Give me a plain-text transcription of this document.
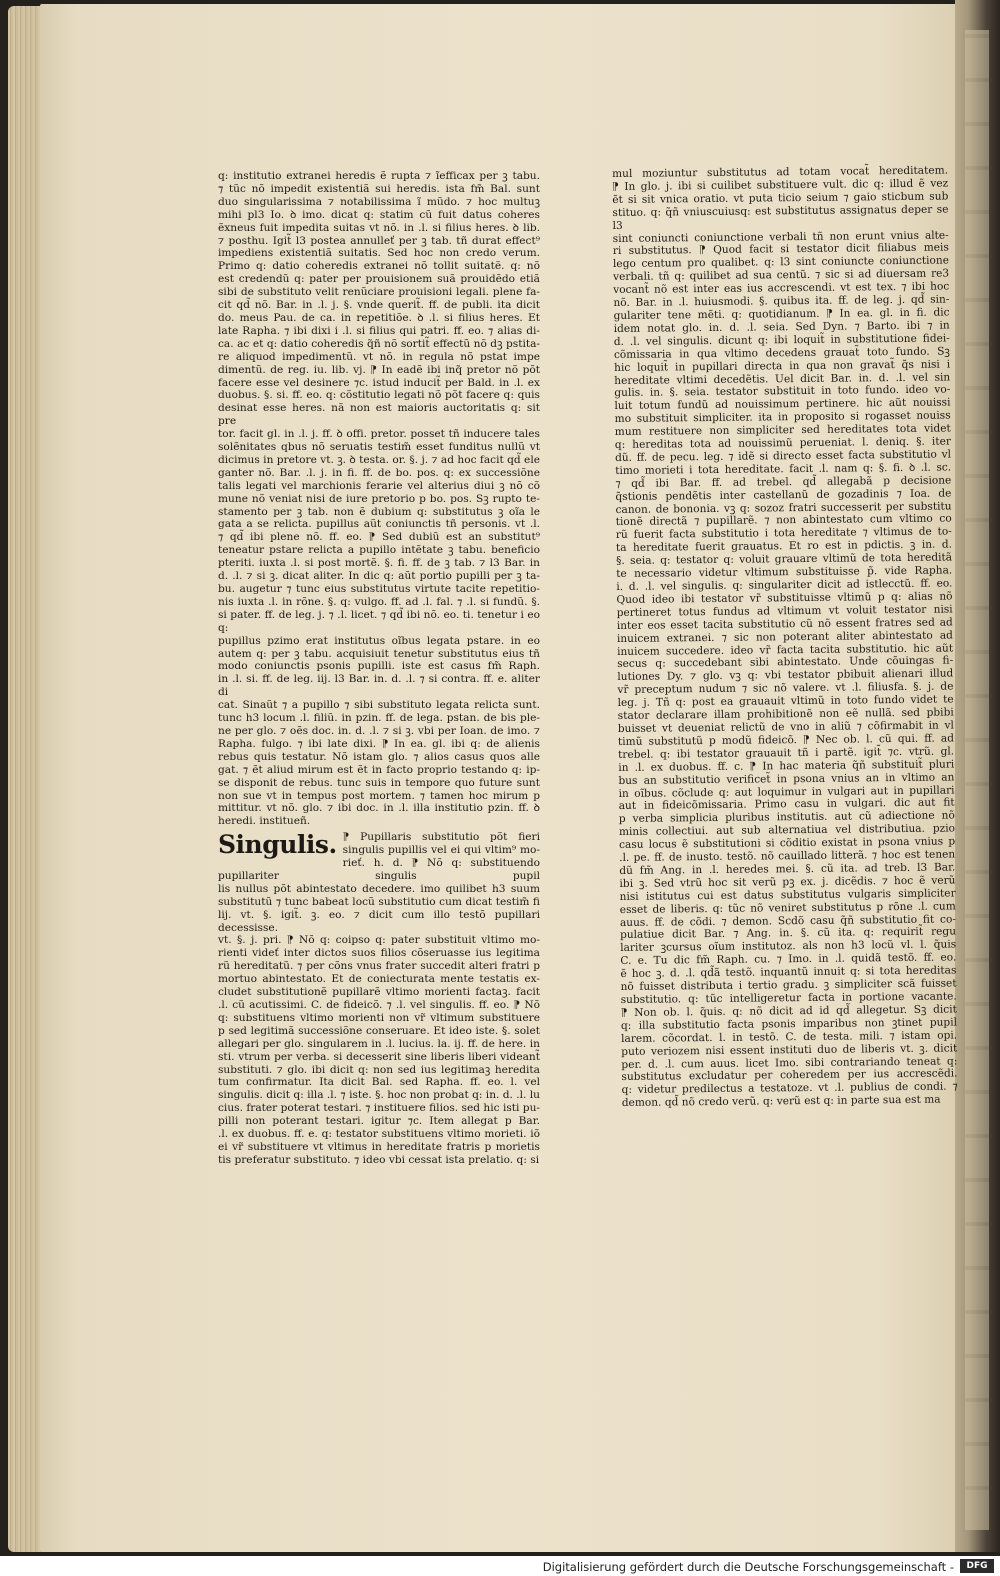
q: institutio extranei heredis ẽ rupta ⁊ ĩefficax per ꝫ tabu.

⁊ tũc nõ impedit existentiã sui heredis. ista fm̃ Bal. sunt

duo singularissima ⁊ notabilissima ĩ mũdo. ⁊ hoc multuꝫ

mihi pl3 Io. ꝺ imo. dicat q: statim cũ fuit datus coheres

ẽxneus fuit impedita suitas vt nõ. in .l. si filius heres. ꝺ lib.

⁊ posthu. Igit̃ l3 postea annulleť per ꝫ tab. tñ durat effect⁹

impediens existentiã suitatis. Sed hoc non credo verum.

Primo q: datio coheredis extranei nõ tollit suitatẽ. q: nõ

est credendũ q: pater per prouisionem suã prouidẽdo etiã

sibi de substituto velit renũciare prouisioni legali. plene fa-

cit qd̃ nõ. Bar. in .l. j. §. vnde querit̃. ff. de publi. ita dicit

do. meus Pau. de ca. in repetitiõe. ꝺ .l. si filius heres. Et

late Rapha. ⁊ ibi dixi i .l. si filius qui patri. ff. eo. ⁊ alias di-

ca. ac et q: datio coheredis q̃ñ nõ sortit̃ effectũ nõ dꝫ pstita-

re aliquod impedimentũ. vt nõ. in regula nõ pstat impe

dimentũ. de reg. iu. lib. vj. ⁋ In eadẽ ibi inq̃ pretor nõ põt

facere esse vel desinere ⁊c. istud inducit̃ per Bald. in .l. ex

duobus. §. si. ff. eo. q: cõstitutio legati nõ põt facere q: quis

desinat esse heres. nã non est maioris auctoritatis q: sit pre

tor. facit gl. in .l. j. ff. ꝺ offi. pretor. posset tñ inducere tales

solẽnitates qbus nõ seruatis testim̃ esset funditus nullũ vt

dicimus in pretore vt. ꝫ. ꝺ testa. or. §. j. ⁊ ad hoc facit qd̃ ele

ganter nõ. Bar. .l. j. in fi. ff. de bo. pos. q: ex successiõne

talis legati vel marchionis ferarie vel alterius diui ꝫ nõ cõ

mune nõ veniat nisi de iure pretorio p bo. pos. Sꝫ rupto te-

stamento per ꝫ tab. non ẽ dubium q: substitutus ꝫ oĩa le

gata a se relicta. pupillus aũt coniunctis tñ personis. vt .l.

⁊ qd̃ ibi plene nõ. ff. eo. ⁋ Sed dubiũ est an substitut⁹

teneatur pstare relicta a pupillo intẽtate ꝫ tabu. beneficio

pteriti. iuxta .l. si post mortẽ. §. fi. ff. de ꝫ tab. ⁊ l3 Bar. in

d. .l. ⁊ si ꝫ. dicat aliter. In dic q: aũt portio pupilli per ꝫ ta-

bu. augetur ⁊ tunc eius substitutus virtute tacite repetitio-

nis iuxta .l. in rõne. §. q: vulgo. ff. ad .l. fal. ⁊ .l. si fundũ. §.

si pater. ff. de leg. j. ⁊ .l. licet. ⁊ qd̃ ibi nõ. eo. ti. tenetur i eo q:

pupillus pzimo erat institutus oĩbus legata pstare. in eo

autem q: per ꝫ tabu. acquisiuit tenetur substitutus eius tñ

modo coniunctis psonis pupilli. iste est casus fm̃ Raph.

in .l. si. ff. de leg. iij. l3 Bar. in. d. .l. ⁊ si contra. ff. e. aliter di

cat. Sinaũt ⁊ a pupillo ⁊ sibi substituto legata relicta sunt.

tunc h3 locum .l. filiũ. in pzin. ff. de lega. pstan. de bis ple-

ne per glo. ⁊ oẽs doc. in. d. .l. ⁊ si ꝫ. vbi per Ioan. de imo. ⁊

Rapha. fulgo. ⁊ ibi late dixi. ⁋ In ea. gl. ibi q: de alienis

rebus quis testatur. Nõ istam glo. ⁊ alios casus quos alle

gat. ⁊ ẽt aliud mirum est ẽt in facto proprio testando q: ip-

se disponit de rebus. tunc suis in tempore quo future sunt

non sue vt in tempus post mortem. ⁊ tamen hoc mirum p

mittitur. vt nõ. glo. ⁊ ibi doc. in .l. illa institutio pzin. ff. ꝺ

heredi. institueñ.

Singulis. ⁋ Pupillaris substitutio põt fieri

singulis pupillis vel ei qui vltim⁹ mo-

rieť. h. d. ⁋ Nõ q: substituendo pupillariter singulis pupil

lis nullus põt abintestato decedere. imo quilibet h3 suum

substitutũ ⁊ tunc babeat locũ substitutio cum dicat testim̃ fi

lij. vt. §. igit̃. ꝫ. eo. ⁊ dicit cum illo testõ pupillari decessisse.

vt. §. j. pri. ⁋ Nõ q: coipso q: pater substituit vltimo mo-

rienti videť inter dictos suos filios cõseruasse ius legitima

rũ hereditatũ. ⁊ per cõns vnus frater succedit alteri fratri p

mortuo abintestato. Et de coniecturata mente testatis ex-

cludet substitutionẽ pupillarẽ vltimo morienti factaꝫ. facit

.l. cũ acutissimi. C. de fideicõ. ⁊ .l. vel singulis. ff. eo. ⁋ Nõ

q: substituens vltimo morienti non vr̃ vltimum substituere

p sed legitimã successiõne conseruare. Et ideo iste. §. solet

allegari per glo. singularem in .l. lucius. la. ij. ff. de here. in

sti. vtrum per verba. si decesserit sine liberis liberi videant̃

substituti. ⁊ glo. ibi dicit q: non sed ius legitimaꝫ heredita

tum confirmatur. Ita dicit Bal. sed Rapha. ff. eo. l. vel

singulis. dicit q: illa .l. ⁊ iste. §. hoc non probat q: in. d. .l. lu

cius. frater poterat testari. ⁊ instituere filios. sed hic isti pu-

pilli non poterant testari. igitur ⁊c. Item allegat p Bar.

.l. ex duobus. ff. e. q: testator substituens vltimo morieti. iõ

ei vr̃ substituere vt vltimus in hereditate fratris p morietis

tis preferatur substituto. ⁊ ideo vbi cessat ista prelatio. q: si

mul moziuntur substitutus ad totam vocat̃ hereditatem.

⁋ In glo. j. ibi si cuilibet substituere vult. dic q: illud ẽ vez

ẽt si sit vnica oratio. vt puta ticio seium ⁊ gaio sticbum sub

stituo. q: q̃ñ vniuscuiusq: est substitutus assignatus deper se l3

sint coniuncti coniunctione verbali tñ non erunt vnius alte-

ri substitutus. ⁋ Quod facit si testator dicit filiabus meis

lego centum pro qualibet. q: l3 sint coniuncte coniunctione

verbali. tñ q: quilibet ad sua centũ. ⁊ sic si ad diuersam re3

vocant̃ nõ est inter eas ius accrescendi. vt est tex. ⁊ ibi hoc

nõ. Bar. in .l. huiusmodi. §. quibus ita. ff. de leg. j. qd̃ sin-

gulariter tene mẽti. q: quotidianum. ⁋ In ea. gl. in fi. dic

idem notat glo. in. d. .l. seia. Sed Dyn. ⁊ Barto. ibi ⁊ in

d. .l. vel singulis. dicunt q: ibi loquit̃ in substitutione fidei-

cõmissaria in qua vltimo decedens grauat̃ toto fundo. Sꝫ

hic loquit̃ in pupillari directa in qua non gravat̃ q̃s nisi i

hereditate vltimi decedẽtis. Uel dicit Bar. in. d. .l. vel sin

gulis. in. §. seia. testator substituit in toto fundo. ideo vo-

luit totum fundũ ad nouissimum pertinere. hic aũt nouissi

mo substituit simpliciter. ita in proposito si rogasset nouiss

mum restituere non simpliciter sed hereditates tota videt

q: hereditas tota ad nouissimũ perueniat. l. deniq. §. iter

dũ. ff. de pecu. leg. ⁊ idẽ si directo esset facta substitutio vl

timo morieti i tota hereditate. facit .l. nam q: §. fi. ꝺ .l. sc.

⁊ qd̃ ibi Bar. ff. ad trebel. qd̃ allegabã p decisione

q̃stionis pendẽtis inter castellanũ de gozadinis ⁊ Ioa. de

canon. de bononia. vꝫ q: sozoz fratri successerit per substitu

tionẽ directã ⁊ pupillarẽ. ⁊ non abintestato cum vltimo co

rũ fuerit facta substitutio i tota hereditate ⁊ vltimus de to-

ta hereditate fuerit grauatus. Et ro est in pdictis. ꝫ in. d.

§. seia. q: testator q: voluit grauare vltimũ de tota hereditã

te necessario videtur vltimum substituisse p̃. vide Rapha.

i. d. .l. vel singulis. q: singulariter dicit ad istlecctũ. ff. eo.

Quod ideo ibi testator vr̃ substituisse vltimũ p q: alias nõ

pertineret totus fundus ad vltimum vt voluit testator nisi

inter eos esset tacita substitutio cũ nõ essent fratres sed ad

inuicem extranei. ⁊ sic non poterant aliter abintestato ad

inuicem succedere. ideo vr̃ facta tacita substitutio. hic aũt

secus q: succedebant sibi abintestato. Unde cõuingas fi-

lutiones Dy. ⁊ glo. vꝫ q: vbi testator pbibuit alienari illud

vr̃ preceptum nudum ⁊ sic nõ valere. vt .l. filiusfa. §. j. de

leg. j. Tñ q: post ea grauauit vltimũ in toto fundo videt te

stator declarare illam prohibitionẽ non eẽ nullã. sed pbibi

buisset vt deueniat relictũ de vno in aliũ ⁊ cõfirmabit in vl

timũ substitutũ p modũ fideicõ. ⁋ Nec ob. l. cũ qui. ff. ad

trebel. q: ibi testator grauauit tñ i partẽ. igit̃ ⁊c. vtrũ. gl.

in .l. ex duobus. ff. c. ⁋ In hac materia q̃ñ substituit̃ pluri

bus an substitutio verificet̃ in psona vnius an in vltimo an

in oĩbus. cõclude q: aut loquimur in vulgari aut in pupillari

aut in fideicõmissaria. Primo casu in vulgari. dic aut fit

p verba simplicia pluribus institutis. aut cũ adiectione nõ

minis collectiui. aut sub alternatiua vel distributiua. pzio

casu locus ẽ substitutioni si cõditio existat in psona vnius p

.l. pe. ff. de inusto. testõ. nõ cauillado litterã. ⁊ hoc est tenen

dũ fm̃ Ang. in .l. heredes mei. §. cũ ita. ad treb. l3 Bar.

ibi ꝫ. Sed vtrũ hoc sit verũ pꝫ ex. j. dicẽdis. ⁊ hoc ẽ verũ

nisi istitutus cui est datus substitutus vulgaris simpliciter

esset de liberis. q: tũc nõ veniret substitutus p rõne .l. cum

auus. ff. de cõdi. ⁊ demon. Scdõ casu q̃ñ substitutio fit co-

pulatiue dicit Bar. ⁊ Ang. in. §. cũ ita. q: requirit̃ regu

lariter ꝫcursus oĩum institutoz. als non h3 locũ vl. l. q̃uis

C. e. Tu dic fm̃ Raph. cu. ⁊ Imo. in .l. quidã testõ. ff. eo.

ẽ hoc ꝫ. d. .l. qd̃ã testõ. inquantũ innuit q: si tota hereditas

nõ fuisset distributa i tertio gradu. ꝫ simpliciter scã fuisset

substitutio. q: tũc intelligeretur facta in portione vacante.

⁋ Non ob. l. q̃uis. q: nõ dicit ad id qd̃ allegetur. Sꝫ dicit

q: illa substitutio facta psonis imparibus non ꝫtinet pupil

larem. cõcordat. l. in testõ. C. de testa. mili. ⁊ istam opi.

puto veriozem nisi essent instituti duo de liberis vt. ꝫ. dicit

per. d. .l. cum auus. licet Imo. sibi contrariando teneat q:

substitutus excludatur per coheredem per ius accrescẽdi.

q: videtur predilectus a testatoze. vt .l. publius de condi. ⁊

demon. qd̃ nõ credo verũ. q: verũ est q: in parte sua est ma

Digitalisierung gefördert durch die Deutsche Forschungsgemeinschaft -	DFG
